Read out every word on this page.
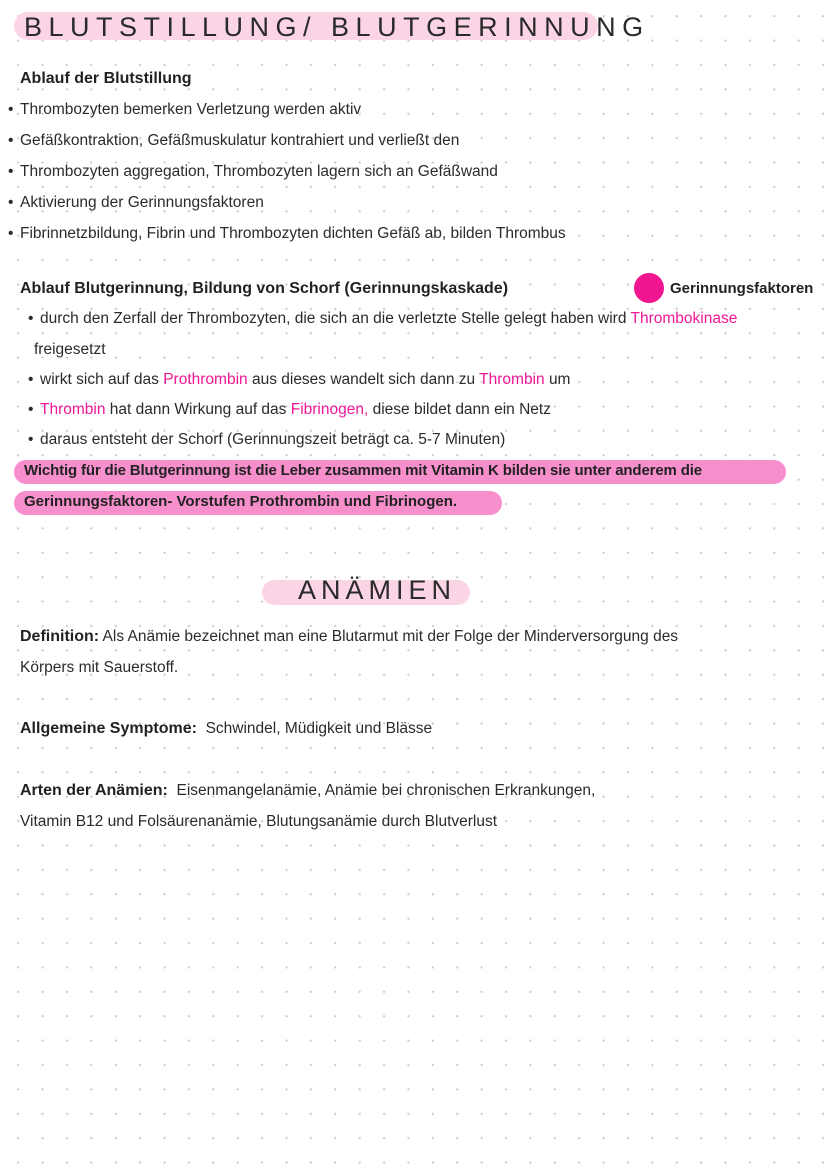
BLUTSTILLUNG/ BLUTGERINNUNG
Ablauf der Blutstillung
• Thrombozyten bemerken Verletzung werden aktiv
• Gefäßkontraktion, Gefäßmuskulatur kontrahiert und verließt den
• Thrombozyten aggregation, Thrombozyten lagern sich an Gefäßwand
• Aktivierung der Gerinnungsfaktoren
• Fibrinnetzbildung, Fibrin und Thrombozyten dichten Gefäß ab, bilden Thrombus
Ablauf Blutgerinnung, Bildung von Schorf (Gerinnungskaskade)	Gerinnungsfaktoren
• durch den Zerfall der Thrombozyten, die sich an die verletzte Stelle gelegt haben wird Thrombokinase
freigesetzt
• wirkt sich auf das Prothrombin aus dieses wandelt sich dann zu Thrombin um
• Thrombin hat dann Wirkung auf das Fibrinogen, diese bildet dann ein Netz
• daraus entsteht der Schorf (Gerinnungszeit beträgt ca. 5-7 Minuten)
Wichtig für die Blutgerinnung ist die Leber zusammen mit Vitamin K bilden sie unter anderem die
Gerinnungsfaktoren- Vorstufen Prothrombin und Fibrinogen.
ANÄMIEN
Definition: Als Anämie bezeichnet man eine Blutarmut mit der Folge der Minderversorgung des
Körpers mit Sauerstoff.
Allgemeine Symptome: Schwindel, Müdigkeit und Blässe
Arten der Anämien: Eisenmangelanämie, Anämie bei chronischen Erkrankungen,
Vitamin B12 und Folsäurenanämie, Blutungsanämie durch Blutverlust
